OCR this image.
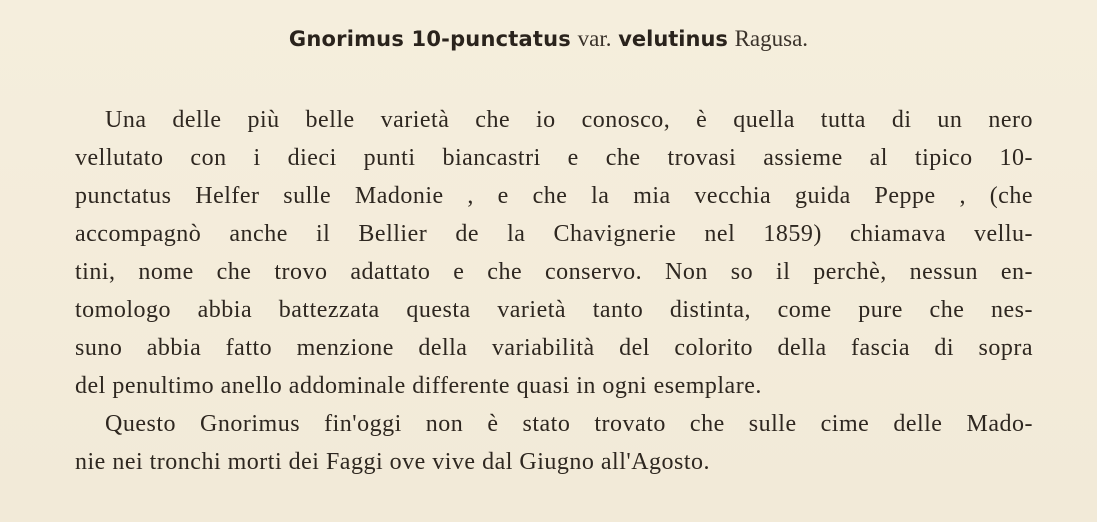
Gnorimus 10-punctatus var. velutinus Ragusa.
Una delle più belle varietà che io conosco, è quella tutta di un nero
vellutato con i dieci punti biancastri e che trovasi assieme al tipico 10-
punctatus Helfer sulle Madonie , e che la mia vecchia guida Peppe , (che
accompagnò anche il Bellier de la Chavignerie nel 1859) chiamava vellu-
tini, nome che trovo adattato e che conservo. Non so il perchè, nessun en-
tomologo abbia battezzata questa varietà tanto distinta, come pure che nes-
suno abbia fatto menzione della variabilità del colorito della fascia di sopra
del penultimo anello addominale differente quasi in ogni esemplare.
Questo Gnorimus fin'oggi non è stato trovato che sulle cime delle Mado-
nie nei tronchi morti dei Faggi ove vive dal Giugno all'Agosto.
